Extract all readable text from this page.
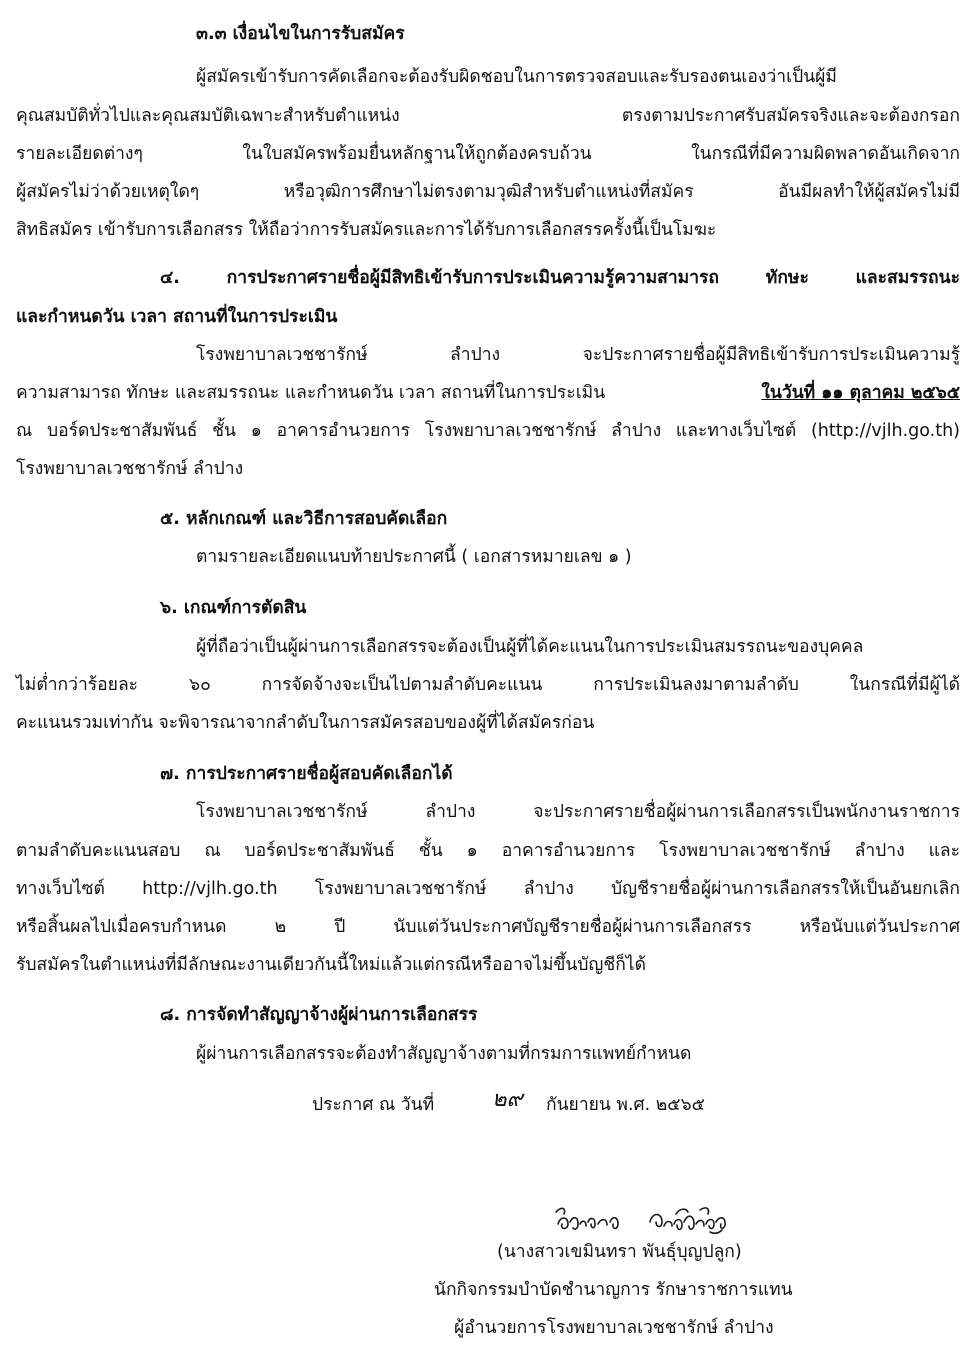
๓.๓ เงื่อนไขในการรับสมัคร
ผู้สมัครเข้ารับการคัดเลือกจะต้องรับผิดชอบในการตรวจสอบและรับรองตนเองว่าเป็นผู้มี
คุณสมบัติทั่วไปและคุณสมบัติเฉพาะสำหรับตำแหน่ง ตรงตามประกาศรับสมัครจริงและจะต้องกรอก
รายละเอียดต่างๆ ในใบสมัครพร้อมยื่นหลักฐานให้ถูกต้องครบถ้วน ในกรณีที่มีความผิดพลาดอันเกิดจาก
ผู้สมัครไม่ว่าด้วยเหตุใดๆ หรือวุฒิการศึกษาไม่ตรงตามวุฒิสำหรับตำแหน่งที่สมัคร อันมีผลทำให้ผู้สมัครไม่มี
สิทธิสมัคร เข้ารับการเลือกสรร ให้ถือว่าการรับสมัครและการได้รับการเลือกสรรครั้งนี้เป็นโมฆะ
๔. การประกาศรายชื่อผู้มีสิทธิเข้ารับการประเมินความรู้ความสามารถ ทักษะ และสมรรถนะ
และกำหนดวัน เวลา สถานที่ในการประเมิน
โรงพยาบาลเวชชารักษ์ ลำปาง จะประกาศรายชื่อผู้มีสิทธิเข้ารับการประเมินความรู้
ความสามารถ ทักษะ และสมรรถนะ และกำหนดวัน เวลา สถานที่ในการประเมิน	ในวันที่ ๑๑ ตุลาคม ๒๕๖๕
ณ บอร์ดประชาสัมพันธ์ ชั้น ๑ อาคารอำนวยการ โรงพยาบาลเวชชารักษ์ ลำปาง และทางเว็บไซต์ (http://vjlh.go.th)
โรงพยาบาลเวชชารักษ์ ลำปาง
๕. หลักเกณฑ์ และวิธีการสอบคัดเลือก
ตามรายละเอียดแนบท้ายประกาศนี้ ( เอกสารหมายเลข ๑ )
๖. เกณฑ์การตัดสิน
ผู้ที่ถือว่าเป็นผู้ผ่านการเลือกสรรจะต้องเป็นผู้ที่ได้คะแนนในการประเมินสมรรถนะของบุคคล
ไม่ต่ำกว่าร้อยละ ๖๐ การจัดจ้างจะเป็นไปตามลำดับคะแนน การประเมินลงมาตามลำดับ ในกรณีที่มีผู้ได้
คะแนนรวมเท่ากัน จะพิจารณาจากลำดับในการสมัครสอบของผู้ที่ได้สมัครก่อน
๗. การประกาศรายชื่อผู้สอบคัดเลือกได้
โรงพยาบาลเวชชารักษ์ ลำปาง จะประกาศรายชื่อผู้ผ่านการเลือกสรรเป็นพนักงานราชการ
ตามลำดับคะแนนสอบ ณ บอร์ดประชาสัมพันธ์ ชั้น ๑ อาคารอำนวยการ โรงพยาบาลเวชชารักษ์ ลำปาง และ
ทางเว็บไซต์ http://vjlh.go.th โรงพยาบาลเวชชารักษ์ ลำปาง บัญชีรายชื่อผู้ผ่านการเลือกสรรให้เป็นอันยกเลิก
หรือสิ้นผลไปเมื่อครบกำหนด ๒ ปี นับแต่วันประกาศบัญชีรายชื่อผู้ผ่านการเลือกสรร หรือนับแต่วันประกาศ
รับสมัครในตำแหน่งที่มีลักษณะงานเดียวกันนี้ใหม่แล้วแต่กรณีหรืออาจไม่ขึ้นบัญชีก็ได้
๘. การจัดทำสัญญาจ้างผู้ผ่านการเลือกสรร
ผู้ผ่านการเลือกสรรจะต้องทำสัญญาจ้างตามที่กรมการแพทย์กำหนด
ประกาศ ณ วันที่	๒๙ กันยายน พ.ศ. ๒๕๖๕
(นางสาวเขมินทรา พันธุ์บุญปลูก)
นักกิจกรรมบำบัดชำนาญการ รักษาราชการแทน
ผู้อำนวยการโรงพยาบาลเวชชารักษ์ ลำปาง
